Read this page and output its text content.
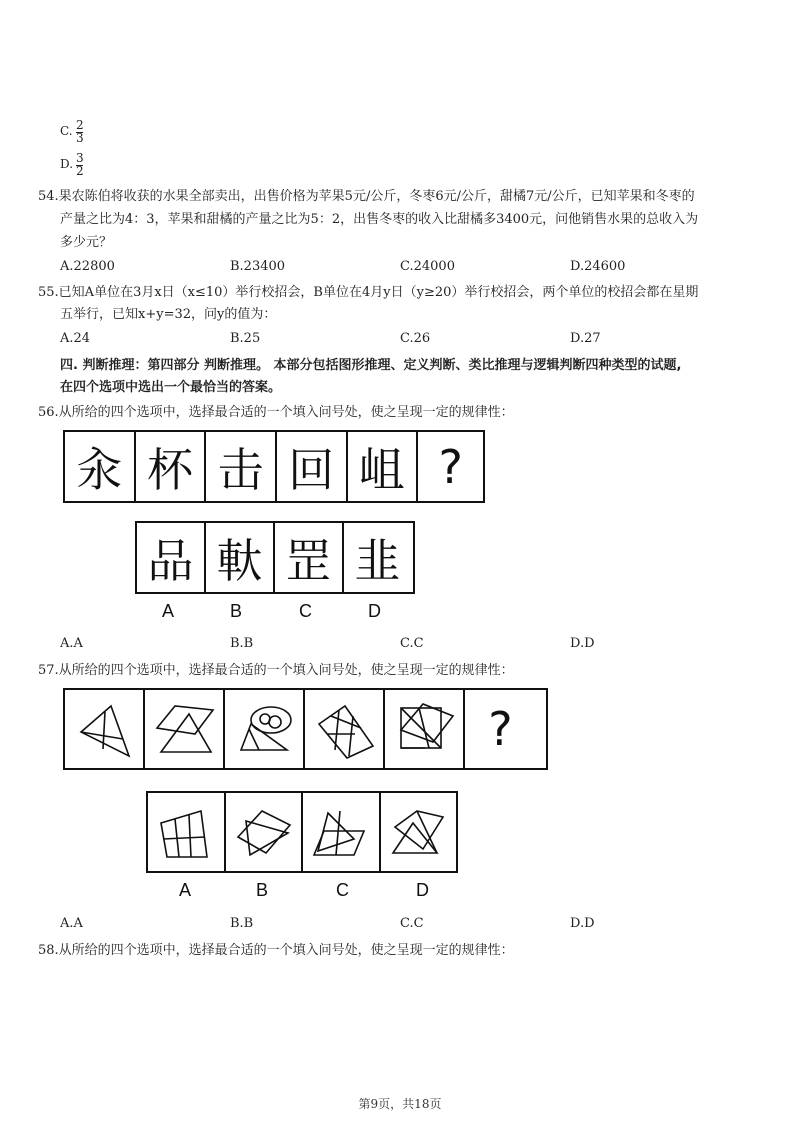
C. 2
3
D. 3
2
54.果农陈伯将收获的水果全部卖出，出售价格为苹果5元/公斤，冬枣6元/公斤，甜橘7元/公斤，已知苹果和冬枣的
产量之比为4：3，苹果和甜橘的产量之比为5：2，出售冬枣的收入比甜橘多3400元，问他销售水果的总收入为
多少元？
A.22800	B.23400	C.24000	D.24600
55.已知A单位在3月x日（x≤10）举行校招会，B单位在4月y日（y≥20）举行校招会，两个单位的校招会都在星期
五举行，已知x+y=32，问y的值为：
A.24	B.25	C.26	D.27
四. 判断推理：第四部分 判断推理。 本部分包括图形推理、定义判断、类比推理与逻辑判断四种类型的试题,
在四个选项中选出一个最恰当的答案。
56.从所给的四个选项中，选择最合适的一个填入问号处，使之呈现一定的规律性：
汆 杯 击 回 岨 ?
品 軑 罡 韭
A	B	C	D
A.A	B.B	C.C	D.D
57.从所给的四个选项中，选择最合适的一个填入问号处，使之呈现一定的规律性：
?
A	B	C	D
A.A	B.B	C.C	D.D
58.从所给的四个选项中，选择最合适的一个填入问号处，使之呈现一定的规律性：
第9页，共18页
